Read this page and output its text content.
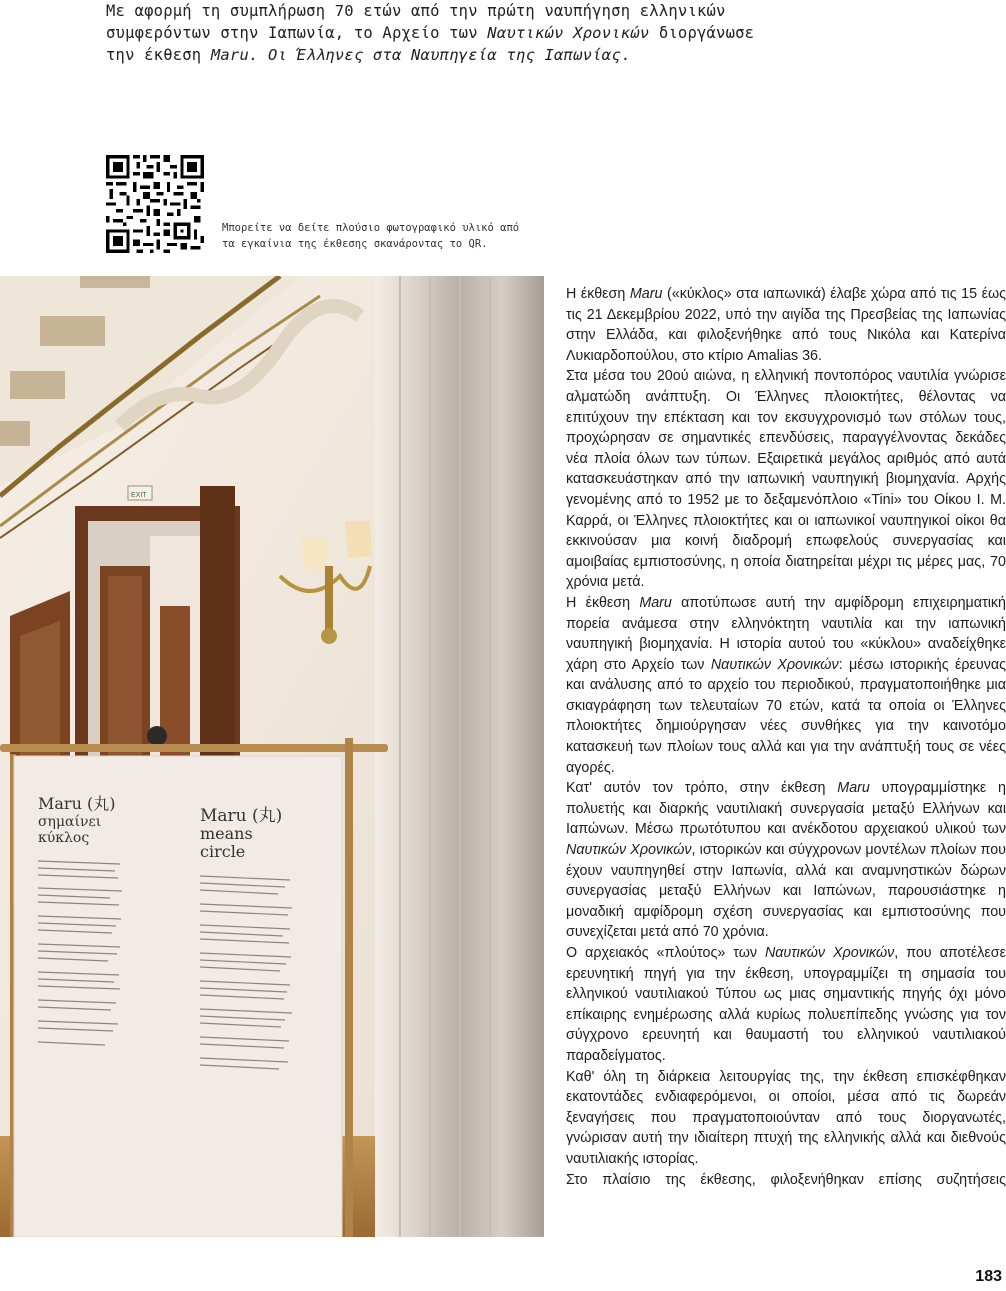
Με αφορμή τη συμπλήρωση 70 ετών από την πρώτη ναυπήγηση ελληνικών
συμφερόντων στην Ιαπωνία, το Αρχείο των Ναυτικών Χρονικών διοργάνωσε
την έκθεση Maru. Οι Έλληνες στα Ναυπηγεία της Ιαπωνίας.
Μπορείτε να δείτε πλούσιο φωτογραφικό υλικό από
τα εγκαίνια της έκθεσης σκανάροντας το QR.
EXIT
Maru (丸)
σημαίνει
κύκλος
Maru (丸)
means
circle

Η έκθεση Maru («κύκλος» στα ιαπωνικά) έλαβε χώρα από τις 15 έως τις 21 Δεκεμβρίου 2022, υπό την αιγίδα της Πρεσβείας της Ιαπωνίας στην Ελλάδα, και φιλοξενήθηκε από τους Νικόλα και Κατερίνα Λυκιαρδοπούλου, στο κτίριο Amalias 36.

Στα μέσα του 20ού αιώνα, η ελληνική ποντοπόρος ναυτιλία γνώρισε αλματώδη ανάπτυξη. Οι Έλληνες πλοιοκτήτες, θέλοντας να επιτύχουν την επέκταση και τον εκσυγχρονισμό των στόλων τους, προχώρησαν σε σημαντικές επενδύσεις, παραγγέλνοντας δεκάδες νέα πλοία όλων των τύπων. Εξαιρετικά μεγάλος αριθμός από αυτά κατασκευάστηκαν από την ιαπωνική ναυπηγική βιομηχανία. Αρχής γενομένης από το 1952 με το δεξαμενόπλοιο «Tini» του Οίκου Ι. Μ. Καρρά, οι Έλληνες πλοιοκτήτες και οι ιαπωνικοί ναυπηγικοί οίκοι θα εκκινούσαν μια κοινή διαδρομή επωφελούς συνεργασίας και αμοιβαίας εμπιστοσύνης, η οποία διατηρείται μέχρι τις μέρες μας, 70 χρόνια μετά.

Η έκθεση Maru αποτύπωσε αυτή την αμφίδρομη επιχειρηματική πορεία ανάμεσα στην ελληνόκτητη ναυτιλία και την ιαπωνική ναυπηγική βιομηχανία. Η ιστορία αυτού του «κύκλου» αναδείχθηκε χάρη στο Αρχείο των Ναυτικών Χρονικών: μέσω ιστορικής έρευνας και ανάλυσης από το αρχείο του περιοδικού, πραγματοποιήθηκε μια σκιαγράφηση των τελευταίων 70 ετών, κατά τα οποία οι Έλληνες πλοιοκτήτες δημιούργησαν νέες συνθήκες για την καινοτόμο κατασκευή των πλοίων τους αλλά και για την ανάπτυξή τους σε νέες αγορές.

Κατ' αυτόν τον τρόπο, στην έκθεση Maru υπογραμμίστηκε η πολυετής και διαρκής ναυτιλιακή συνεργασία μεταξύ Ελλήνων και Ιαπώνων. Μέσω πρωτότυπου και ανέκδοτου αρχειακού υλικού των Ναυτικών Χρονικών, ιστορικών και σύγχρονων μοντέλων πλοίων που έχουν ναυπηγηθεί στην Ιαπωνία, αλλά και αναμνηστικών δώρων συνεργασίας μεταξύ Ελλήνων και Ιαπώνων, παρουσιάστηκε η μοναδική αμφίδρομη σχέση συνεργασίας και εμπιστοσύνης που συνεχίζεται μετά από 70 χρόνια.

Ο αρχειακός «πλούτος» των Ναυτικών Χρονικών, που αποτέλεσε ερευνητική πηγή για την έκθεση, υπογραμμίζει τη σημασία του ελληνικού ναυτιλιακού Τύπου ως μιας σημαντικής πηγής όχι μόνο επίκαιρης ενημέρωσης αλλά κυρίως πολυεπίπεδης γνώσης για τον σύγχρονο ερευνητή και θαυμαστή του ελληνικού ναυτιλιακού παραδείγματος.

Καθ' όλη τη διάρκεια λειτουργίας της, την έκθεση επισκέφθηκαν εκατοντάδες ενδιαφερόμενοι, οι οποίοι, μέσα από τις δωρεάν ξεναγήσεις που πραγματοποιούνταν από τους διοργανωτές, γνώρισαν αυτή την ιδιαίτερη πτυχή της ελληνικής αλλά και διεθνούς ναυτιλιακής ιστορίας.

Στο πλαίσιο της έκθεσης, φιλοξενήθηκαν επίσης συζητήσεις

183
